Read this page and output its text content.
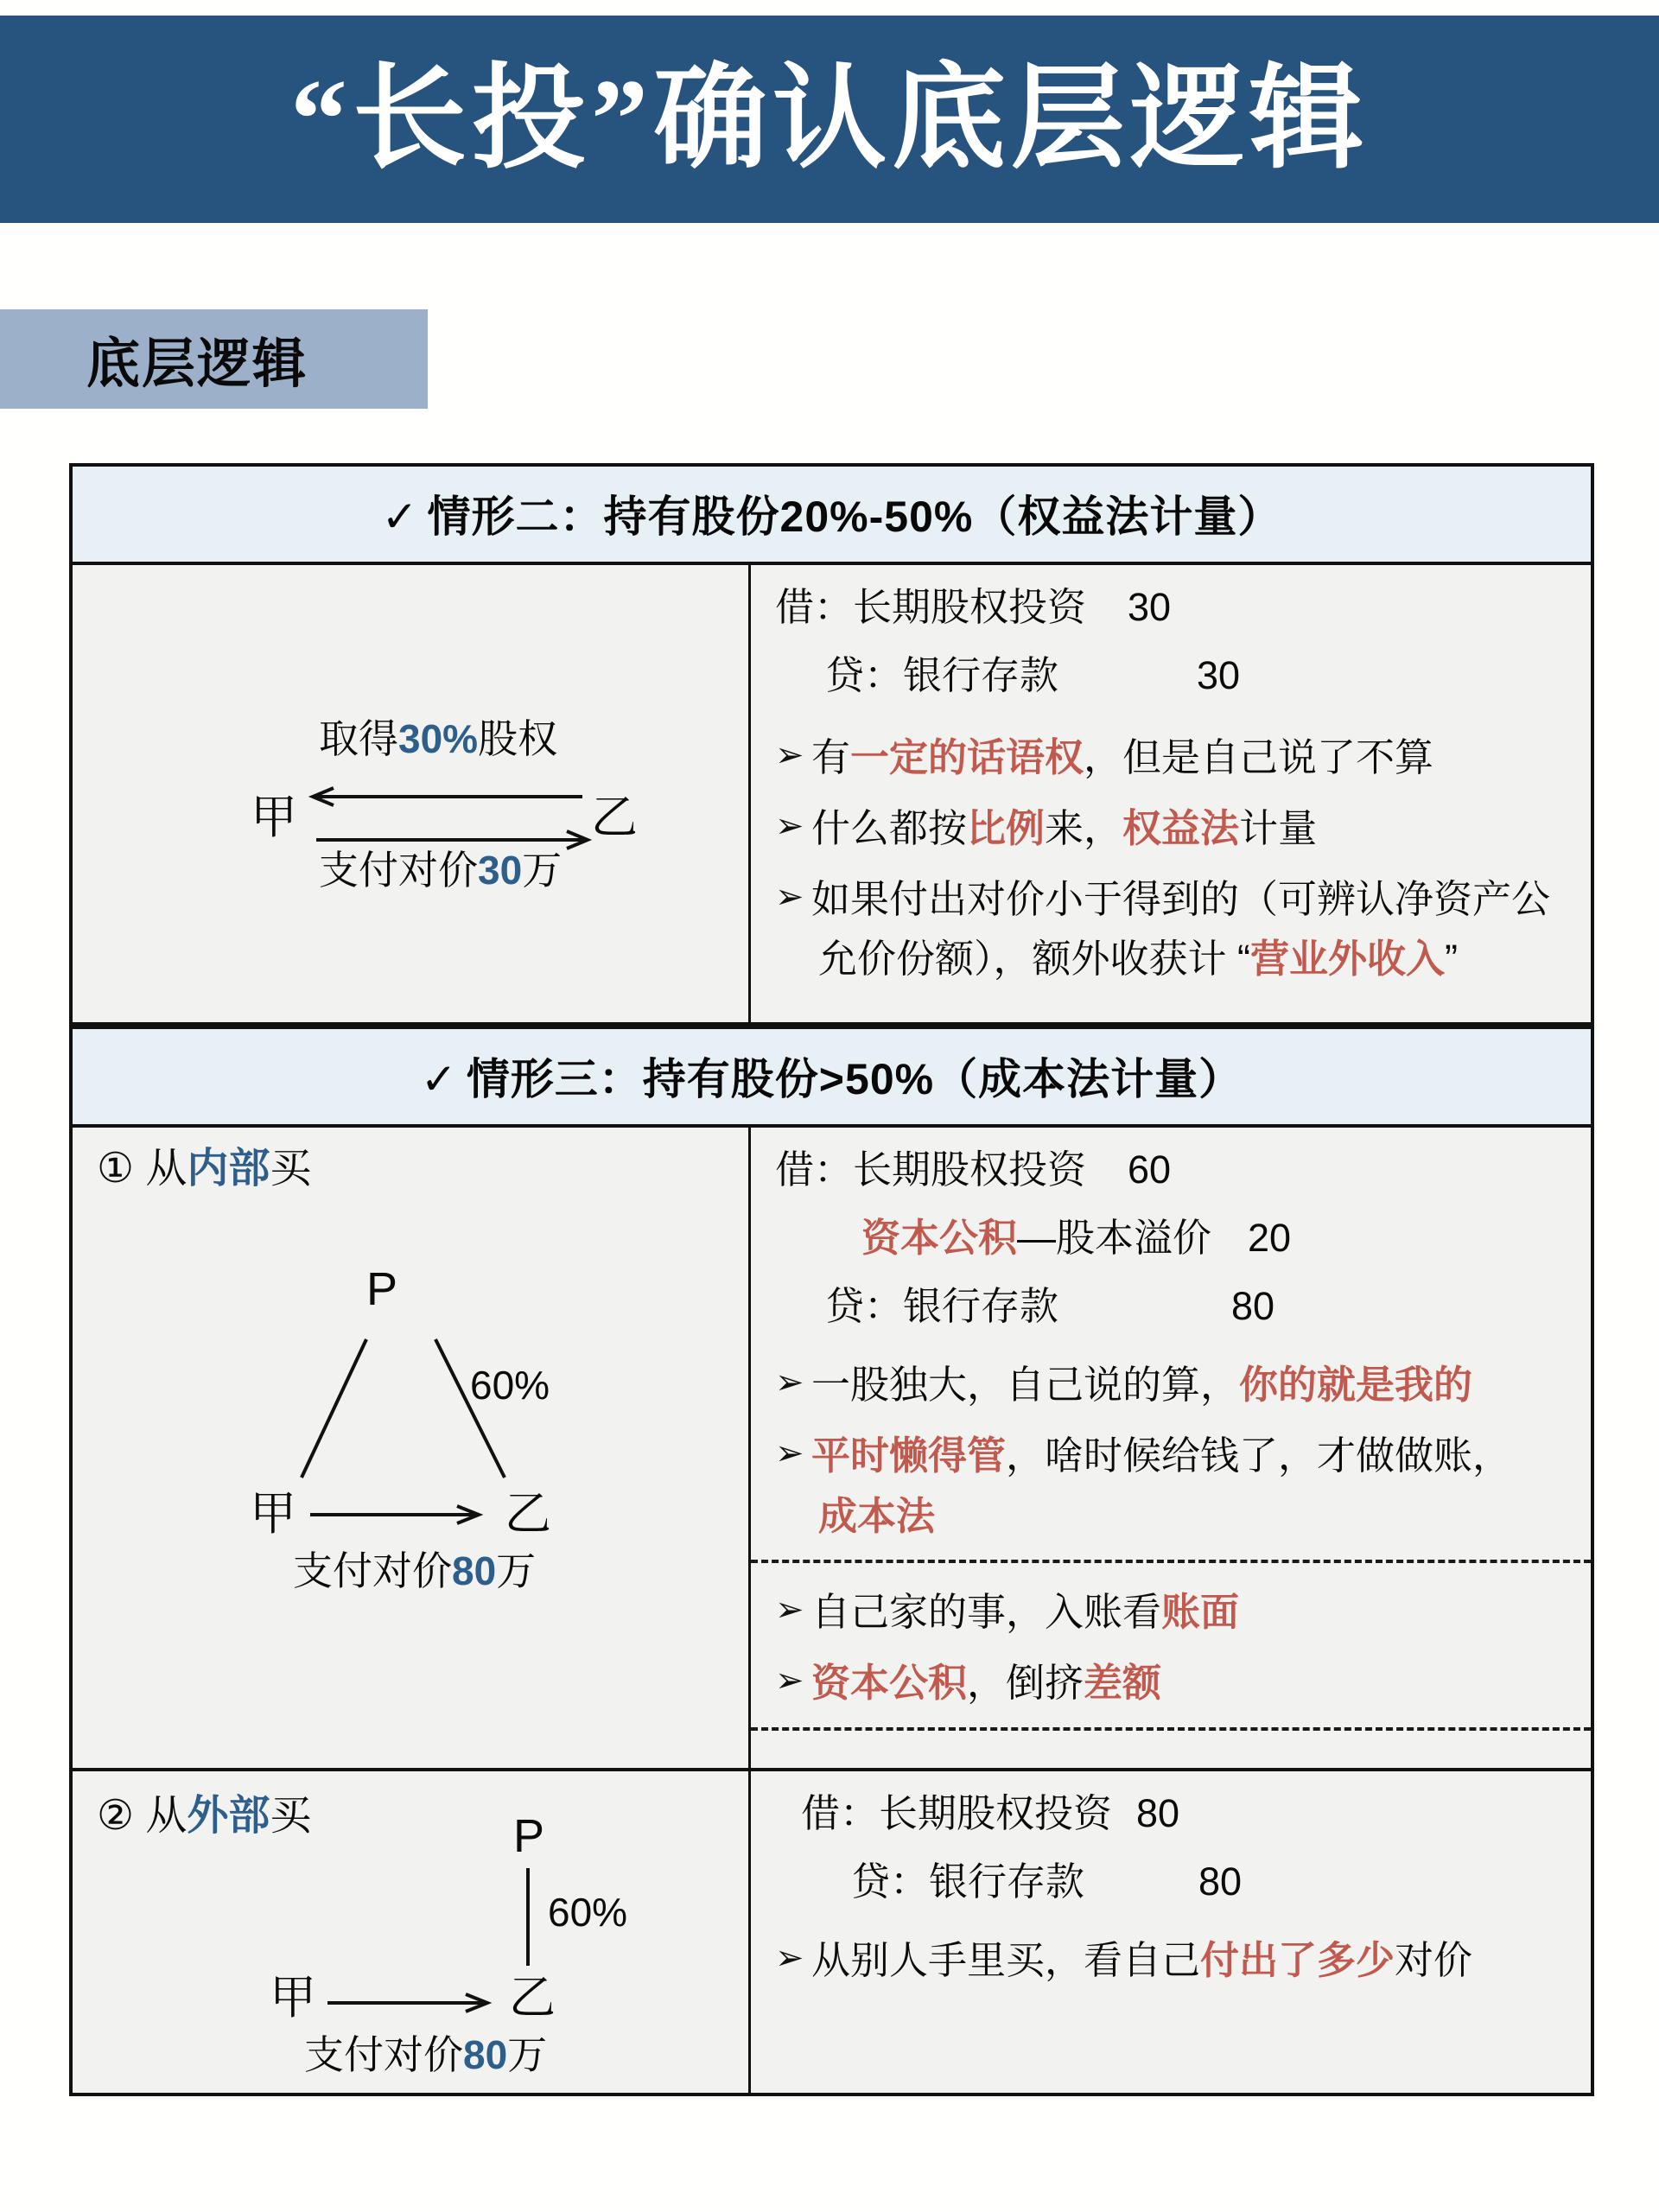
“长投”确认底层逻辑
底层逻辑
✓ 情形二：持有股份20%-50%（权益法计量）
甲	乙
取得30%股权
支付对价30万
借：长期股权投资 30
贷：银行存款	30
➢ 有一定的话语权，但是自己说了不算
➢ 什么都按比例来，权益法计量
➢ 如果付出对价小于得到的（可辨认净资产公
允价份额），额外收获计 “营业外收入”
✓ 情形三：持有股份>50%（成本法计量）
① 从内部买
P
60%
甲	乙
支付对价80万
借：长期股权投资 60
资本公积 —股本溢价 20
贷：银行存款	80
➢ 一股独大，自己说的算，你的就是我的
➢ 平时懒得管，啥时候给钱了，才做做账，
成本法
➢ 自己家的事，入账看账面
➢ 资本公积，倒挤差额
② 从外部买	P
60%
甲	乙
支付对价80万
借：长期股权投资 80
贷：银行存款	80
➢ 从别人手里买，看自己付出了多少对价
